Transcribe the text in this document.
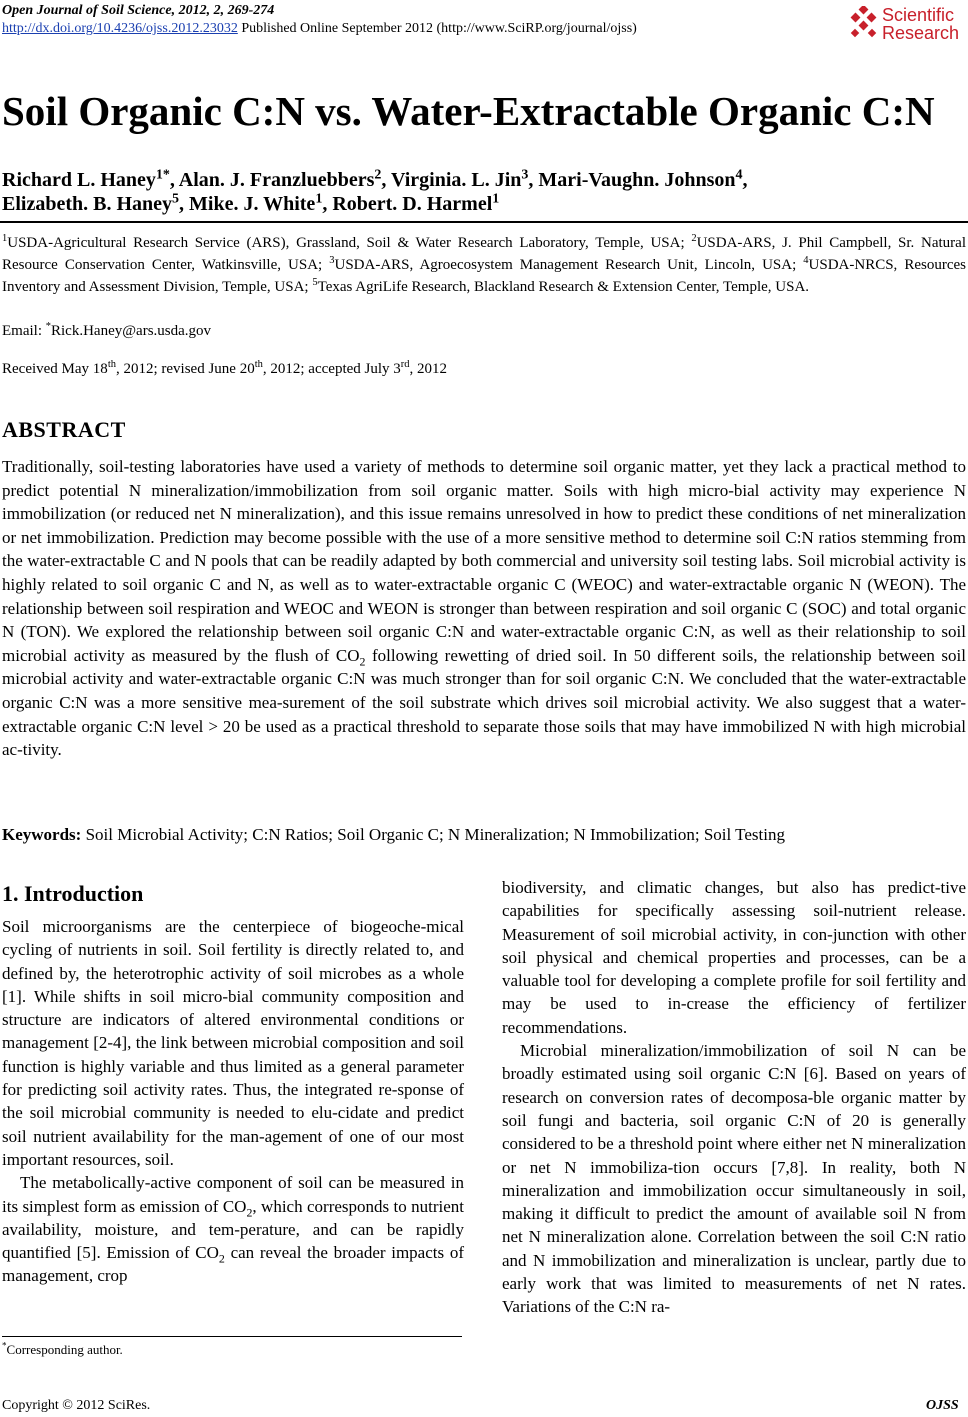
Open Journal of Soil Science, 2012, 2, 269-274
http://dx.doi.org/10.4236/ojss.2012.23032 Published Online September 2012 (http://www.SciRP.org/journal/ojss)
Scientific
Research
Soil Organic C:N vs. Water-Extractable Organic C:N
Richard L. Haney$^{1*}$, Alan. J. Franzluebbers$^2$, Virginia. L. Jin$^3$, Mari-Vaughn. Johnson$^4$,
Elizabeth. B. Haney$^5$, Mike. J. White$^1$, Robert. D. Harmel$^1$
$^1$USDA-Agricultural Research Service (ARS), Grassland, Soil & Water Research Laboratory, Temple, USA; $^2$USDA-ARS, J. Phil Campbell, Sr. Natural Resource Conservation Center, Watkinsville, USA; $^3$USDA-ARS, Agroecosystem Management Research Unit, Lincoln, USA; $^4$USDA-NRCS, Resources Inventory and Assessment Division, Temple, USA; $^5$Texas AgriLife Research, Blackland Research & Extension Center, Temple, USA.
Email: *Rick.Haney@ars.usda.gov
Received May 18th, 2012; revised June 20th, 2012; accepted July 3rd, 2012
ABSTRACT
Traditionally, soil-testing laboratories have used a variety of methods to determine soil organic matter, yet they lack a practical method to predict potential N mineralization/immobilization from soil organic matter. Soils with high micro-bial activity may experience N immobilization (or reduced net N mineralization), and this issue remains unresolved in how to predict these conditions of net mineralization or net immobilization. Prediction may become possible with the use of a more sensitive method to determine soil C:N ratios stemming from the water-extractable C and N pools that can be readily adapted by both commercial and university soil testing labs. Soil microbial activity is highly related to soil organic C and N, as well as to water-extractable organic C (WEOC) and water-extractable organic N (WEON). The relationship between soil respiration and WEOC and WEON is stronger than between respiration and soil organic C (SOC) and total organic N (TON). We explored the relationship between soil organic C:N and water-extractable organic C:N, as well as their relationship to soil microbial activity as measured by the flush of $CO_2$ following rewetting of dried soil. In 50 different soils, the relationship between soil microbial activity and water-extractable organic C:N was much stronger than for soil organic C:N. We concluded that the water-extractable organic C:N was a more sensitive mea-surement of the soil substrate which drives soil microbial activity. We also suggest that a water-extractable organic C:N level > 20 be used as a practical threshold to separate those soils that may have immobilized N with high microbial ac-tivity.
Keywords: Soil Microbial Activity; C:N Ratios; Soil Organic C; N Mineralization; N Immobilization; Soil Testing
1. Introduction

Soil microorganisms are the centerpiece of biogeoche-mical cycling of nutrients in soil. Soil fertility is directly related to, and defined by, the heterotrophic activity of soil microbes as a whole [1]. While shifts in soil micro-bial community composition and structure are indicators of altered environmental conditions or management [2-4], the link between microbial composition and soil function is highly variable and thus limited as a general parameter for predicting soil activity rates. Thus, the integrated re-sponse of the soil microbial community is needed to elu-cidate and predict soil nutrient availability for the man-agement of one of our most important resources, soil.

The metabolically-active component of soil can be measured in its simplest form as emission of $CO_2$, which corresponds to nutrient availability, moisture, and tem-perature, and can be rapidly quantified [5]. Emission of $CO_2$ can reveal the broader impacts of management, crop

biodiversity, and climatic changes, but also has predict-tive capabilities for specifically assessing soil-nutrient release. Measurement of soil microbial activity, in con-junction with other soil physical and chemical properties and processes, can be a valuable tool for developing a complete profile for soil fertility and may be used to in-crease the efficiency of fertilizer recommendations.

Microbial mineralization/immobilization of soil N can be broadly estimated using soil organic C:N [6]. Based on years of research on conversion rates of decomposa-ble organic matter by soil fungi and bacteria, soil organic C:N of 20 is generally considered to be a threshold point where either net N mineralization or net N immobiliza-tion occurs [7,8]. In reality, both N mineralization and immobilization occur simultaneously in soil, making it difficult to predict the amount of available soil N from net N mineralization alone. Correlation between the soil C:N ratio and N immobilization and mineralization is unclear, partly due to early work that was limited to measurements of net N rates. Variations of the C:N ra-

*Corresponding author.
Copyright © 2012 SciRes.	OJSS
